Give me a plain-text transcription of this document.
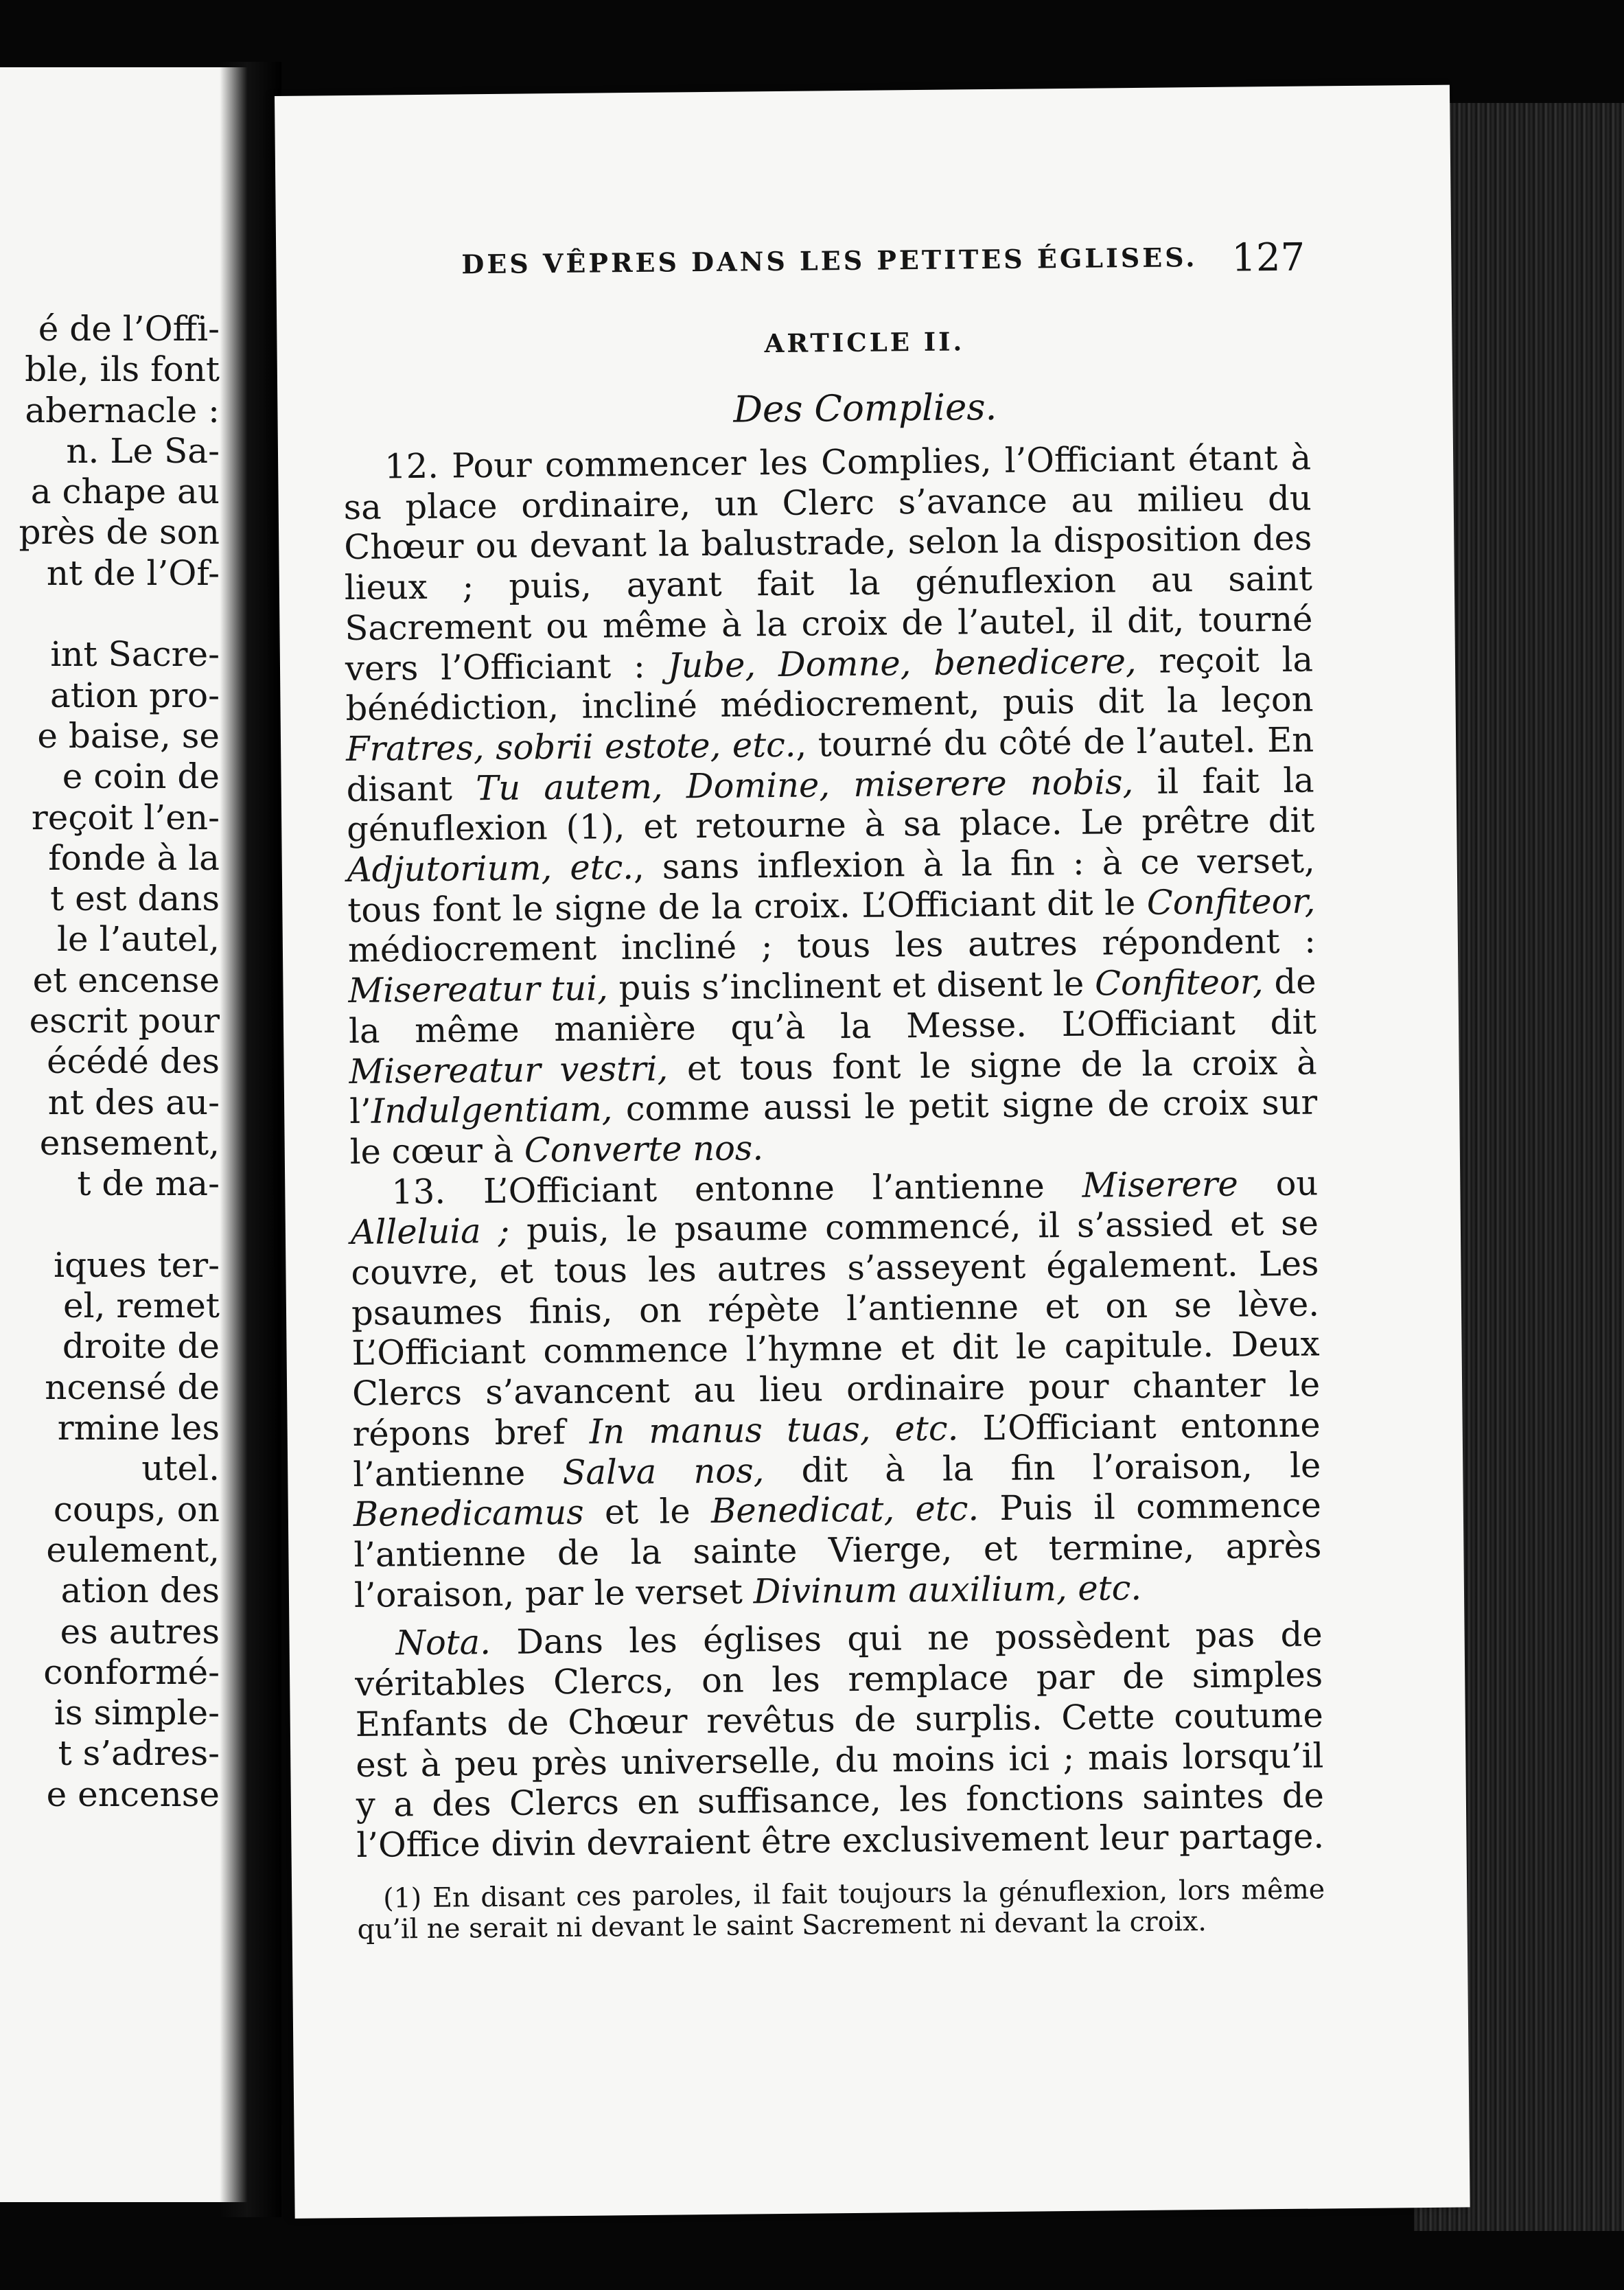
é de l’Offi-
ble, ils font
abernacle :
n. Le Sa-
a chape au
près de son
nt de l’Of-
int Sacre-
ation pro-
e baise, se
e coin de
reçoit l’en-
fonde à la
t est dans
le l’autel,
et encense
escrit pour
écédé des
nt des au-
ensement,
t de ma-
iques ter-
el, remet
droite de
ncensé de
rmine les
utel.
coups, on
eulement,
ation des
es autres
conformé-
is simple-
t s’adres-
e encense
DES VÊPRES DANS LES PETITES ÉGLISES. 127
ARTICLE II.
Des Complies.

12. Pour commencer les Complies, l’Officiant étant à sa place ordinaire, un Clerc s’avance au milieu du Chœur ou devant la balustrade, selon la disposition des lieux ; puis, ayant fait la génuflexion au saint Sacrement ou même à la croix de l’autel, il dit, tourné vers l’Officiant : Jube, Domne, benedicere, reçoit la bénédiction, incliné médiocrement, puis dit la leçon Fratres, sobrii estote, etc., tourné du côté de l’autel. En disant Tu autem, Domine, miserere nobis, il fait la génuflexion (1), et retourne à sa place. Le prêtre dit Adjutorium, etc., sans inflexion à la fin : à ce verset, tous font le signe de la croix. L’Officiant dit le Confiteor, médiocrement incliné ; tous les autres répondent : Misereatur tui, puis s’inclinent et disent le Confiteor, de la même manière qu’à la Messe. L’Officiant dit Misereatur vestri, et tous font le signe de la croix à l’Indulgentiam, comme aussi le petit signe de croix sur le cœur à Converte nos.

13. L’Officiant entonne l’antienne Miserere ou Alleluia ; puis, le psaume commencé, il s’assied et se couvre, et tous les autres s’asseyent également. Les psaumes finis, on répète l’antienne et on se lève. L’Officiant commence l’hymne et dit le capitule. Deux Clercs s’avancent au lieu ordinaire pour chanter le répons bref In manus tuas, etc. L’Officiant entonne l’antienne Salva nos, dit à la fin l’oraison, le Benedicamus et le Benedicat, etc. Puis il commence l’antienne de la sainte Vierge, et termine, après l’oraison, par le verset Divinum auxilium, etc.

Nota. Dans les églises qui ne possèdent pas de véritables Clercs, on les remplace par de simples Enfants de Chœur revêtus de surplis. Cette coutume est à peu près universelle, du moins ici ; mais lorsqu’il y a des Clercs en suffisance, les fonctions saintes de l’Office divin devraient être exclusivement leur partage.

(1) En disant ces paroles, il fait toujours la génuflexion, lors même qu’il ne serait ni devant le saint Sacrement ni devant la croix.
